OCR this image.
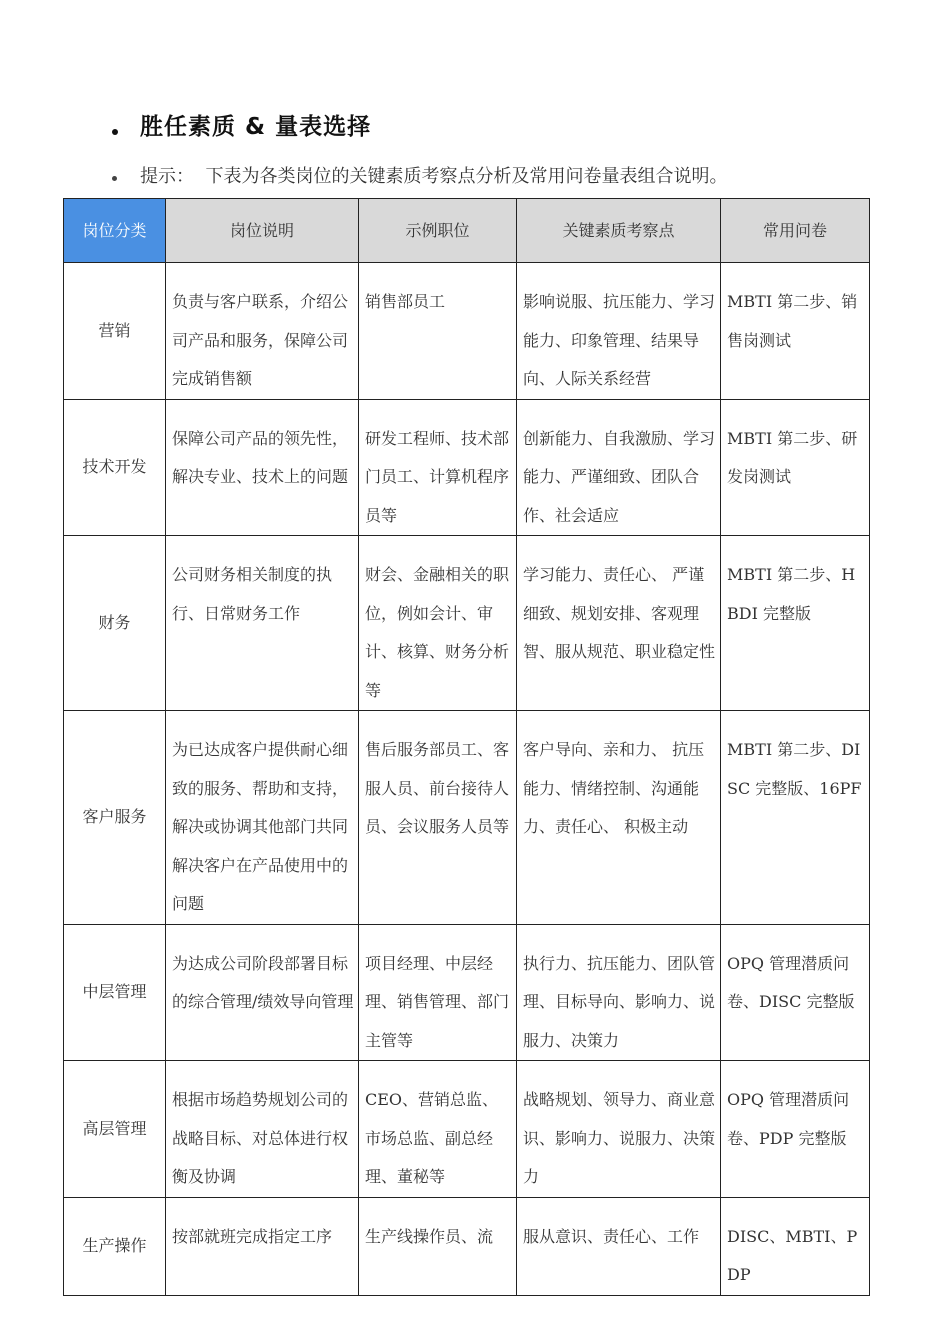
胜任素质 & 量表选择
提示：  下表为各类岗位的关键素质考察点分析及常用问卷量表组合说明。
岗位分类	岗位说明	示例职位	关键素质考察点	常用问卷
营销	负责与客户联系，介绍公司产品和服务，保障公司完成销售额	销售部员工	影响说服、抗压能力、学习能力、印象管理、结果导向、人际关系经营	MBTI 第二步、销售岗测试
技术开发	保障公司产品的领先性， 解决专业、技术上的问题	研发工程师、技术部门员工、计算机程序员等	创新能力、自我激励、学习能力、严谨细致、团队合作、社会适应	MBTI 第二步、研发岗测试
财务	公司财务相关制度的执行、日常财务工作	财会、金融相关的职位，例如会计、审计、核算、财务分析等	学习能力、责任心、 严谨细致、规划安排、客观理智、服从规范、职业稳定性	MBTI 第二步、HBDI 完整版
客户服务	为已达成客户提供耐心细致的服务、帮助和支持，解决或协调其他部门共同解决客户在产品使用中的问题	售后服务部员工、客服人员、前台接待人员、会议服务人员等	客户导向、亲和力、 抗压能力、情绪控制、沟通能力、责任心、 积极主动	MBTI 第二步、DISC 完整版、16PF
中层管理	为达成公司阶段部署目标的综合管理/绩效导向管理	项目经理、中层经理、销售管理、部门主管等	执行力、抗压能力、团队管理、目标导向、影响力、说服力、决策力	OPQ 管理潜质问卷、DISC 完整版
高层管理	根据市场趋势规划公司的战略目标、对总体进行权衡及协调	CEO、营销总监、市场总监、副总经理、董秘等	战略规划、领导力、商业意识、影响力、说服力、决策力	OPQ 管理潜质问卷、PDP 完整版
生产操作	按部就班完成指定工序	生产线操作员、流	服从意识、责任心、工作	DISC、MBTI、PDP
